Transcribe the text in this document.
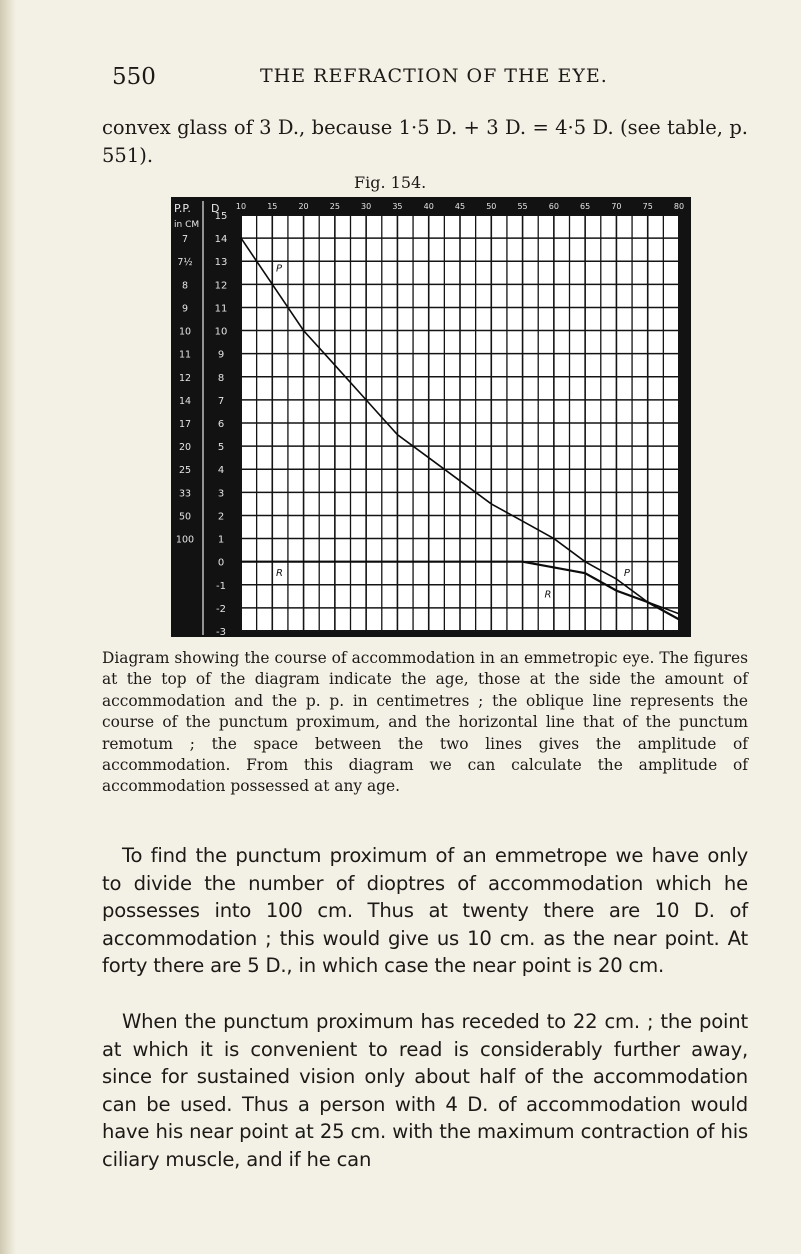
550	THE REFRACTION OF THE EYE.

convex glass of 3 D., because 1·5 D. + 3 D. = 4·5 D. (see table, p. 551).

Fig. 154.
P.P.
in CM
D 10	15	20	25	30	35	40	45	50	55	60	65	70	75	80
15
14
13
12
11
10
9
8
7
6
5
4
3
2
1
0
-1
-2
-3
7
7½
8
9
10
11
12
14
17
20
25
33
50
100
P
R
R
P

Diagram showing the course of accommodation in an emmetropic eye. The figures at the top of the diagram indicate the age, those at the side the amount of accommodation and the p. p. in centimetres ; the oblique line represents the course of the punctum proximum, and the horizontal line that of the punctum remotum ; the space between the two lines gives the amplitude of accommodation. From this diagram we can calculate the amplitude of accommodation possessed at any age.

To find the punctum proximum of an emmetrope we have only to divide the number of dioptres of accommodation which he possesses into 100 cm. Thus at twenty there are 10 D. of accommodation ; this would give us 10 cm. as the near point. At forty there are 5 D., in which case the near point is 20 cm.

When the punctum proximum has receded to 22 cm. ; the point at which it is convenient to read is considerably further away, since for sustained vision only about half of the accommodation can be used. Thus a person with 4 D. of accommodation would have his near point at 25 cm. with the maximum contraction of his ciliary muscle, and if he can
